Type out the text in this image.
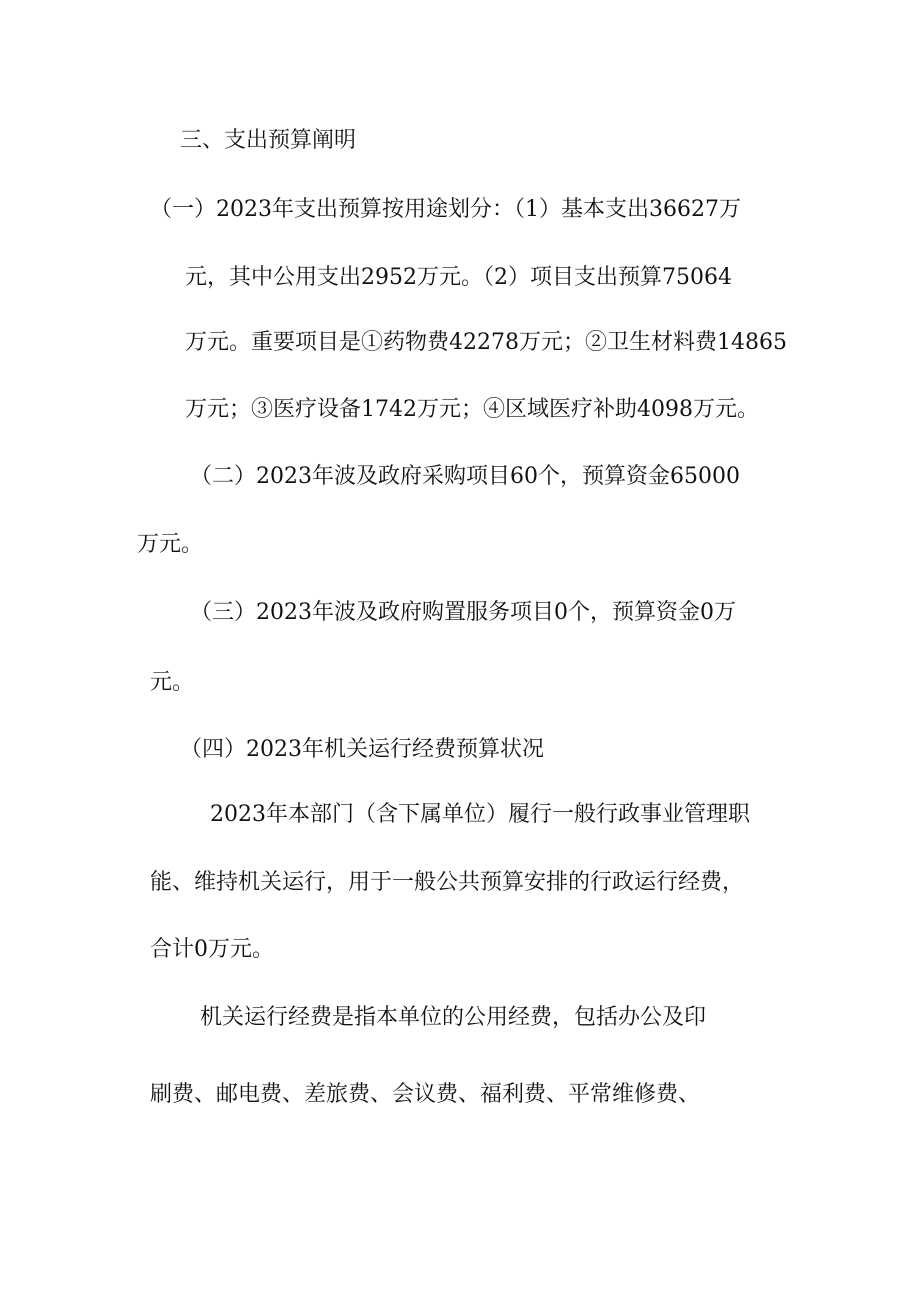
三、支出预算阐明
（一）2023年支出预算按用途划分：（1）基本支出36627万
元，其中公用支出2952万元。（2）项目支出预算75064
万元。重要项目是①药物费42278万元；②卫生材料费14865
万元；③医疗设备1742万元；④区域医疗补助4098万元。
（二）2023年波及政府采购项目60个，预算资金65000
万元。
（三）2023年波及政府购置服务项目0个，预算资金0万
元。
（四）2023年机关运行经费预算状况
2023年本部门（含下属单位）履行一般行政事业管理职
能、维持机关运行，用于一般公共预算安排的行政运行经费，
合计0万元。
机关运行经费是指本单位的公用经费，包括办公及印
刷费、邮电费、差旅费、会议费、福利费、平常维修费、
